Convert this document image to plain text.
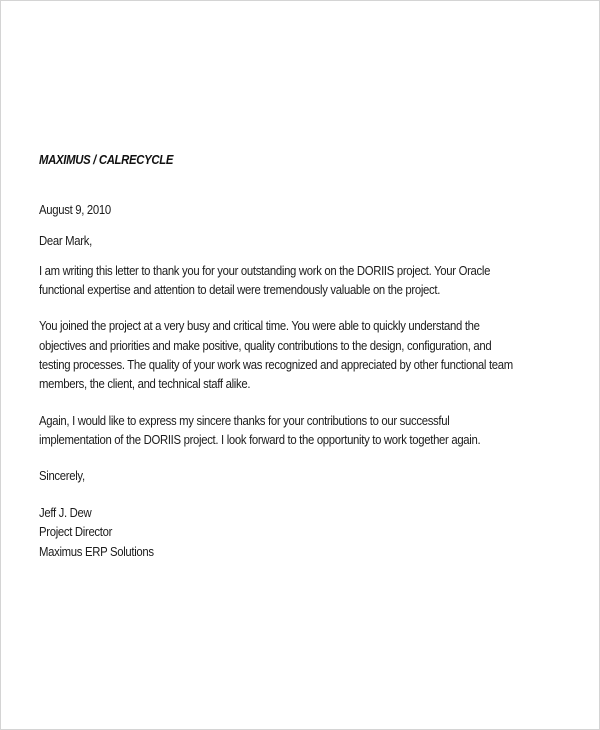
MAXIMUS / CALRECYCLE

August 9, 2010

Dear Mark,

I am writing this letter to thank you for your outstanding work on the DORIIS project. Your Oracle functional expertise and attention to detail were tremendously valuable on the project.

You joined the project at a very busy and critical time. You were able to quickly understand the objectives and priorities and make positive, quality contributions to the design, configuration, and testing processes. The quality of your work was recognized and appreciated by other functional team members, the client, and technical staff alike.

Again, I would like to express my sincere thanks for your contributions to our successful implementation of the DORIIS project. I look forward to the opportunity to work together again.

Sincerely,

Jeff J. Dew

Project Director

Maximus ERP Solutions
